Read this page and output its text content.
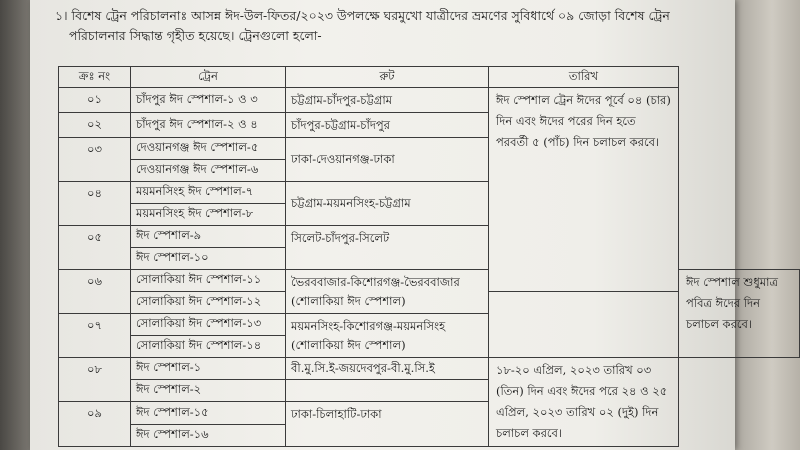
১। বিশেষ ট্রেন পরিচালনাঃ আসন্ন ঈদ-উল-ফিতর/২০২৩ উপলক্ষে ঘরমুখো যাত্রীদের ভ্রমণের সুবিধার্থে ০৯ জোড়া বিশেষ ট্রেন
পরিচালনার সিদ্ধান্ত গৃহীত হয়েছে। ট্রেনগুলো হলো-
ক্রঃ নং	ট্রেন	রুট	তারিখ	
০১	চাঁদপুর ঈদ স্পেশাল-১ ও ৩	চট্টগ্রাম-চাঁদপুর-চট্টগ্রাম	ঈদ স্পেশাল ট্রেন ঈদের পূর্বে ০৪ (চার) দিন এবং ঈদের পরের দিন হতে পরবর্তী ৫ (পাঁচ) দিন চলাচল করবে।	
০২	চাঁদপুর ঈদ স্পেশাল-২ ও ৪	চাঁদপুর-চট্টগ্রাম-চাঁদপুর		
০৩	দেওয়ানগঞ্জ ঈদ স্পেশাল-৫	ঢাকা-দেওয়ানগঞ্জ-ঢাকা		
	দেওয়ানগঞ্জ ঈদ স্পেশাল-৬			
০৪	ময়মনসিংহ ঈদ স্পেশাল-৭	চট্টগ্রাম-ময়মনসিংহ-চট্টগ্রাম		
	ময়মনসিংহ ঈদ স্পেশাল-৮			
০৫	ঈদ স্পেশাল-৯	সিলেট-চাঁদপুর-সিলেট		
	ঈদ স্পেশাল-১০			
০৬	সোলাকিয়া ঈদ স্পেশাল-১১	ভৈরববাজার-কিশোরগঞ্জ-ভৈরববাজার (শোলাকিয়া ঈদ স্পেশাল)		ঈদ স্পেশাল শুধুমাত্র পবিত্র ঈদের দিন চলাচল করবে।
	সোলাকিয়া ঈদ স্পেশাল-১২			
০৭	সোলাকিয়া ঈদ স্পেশাল-১৩	ময়মনসিংহ-কিশোরগঞ্জ-ময়মনসিংহ (শোলাকিয়া ঈদ স্পেশাল)		
	সোলাকিয়া ঈদ স্পেশাল-১৪			
০৮	ঈদ স্পেশাল-১	বী.মু.সি.ই-জয়দেবপুর-বী.মু.সি.ই	১৮-২০ এপ্রিল, ২০২৩ তারিখ ০৩ (তিন) দিন এবং ঈদের পরে ২৪ ও ২৫ এপ্রিল, ২০২৩ তারিখ ০২ (দুই) দিন চলাচল করবে।	
	ঈদ স্পেশাল-২			
০৯	ঈদ স্পেশাল-১৫	ঢাকা-চিলাহাটি-ঢাকা		
	ঈদ স্পেশাল-১৬			
